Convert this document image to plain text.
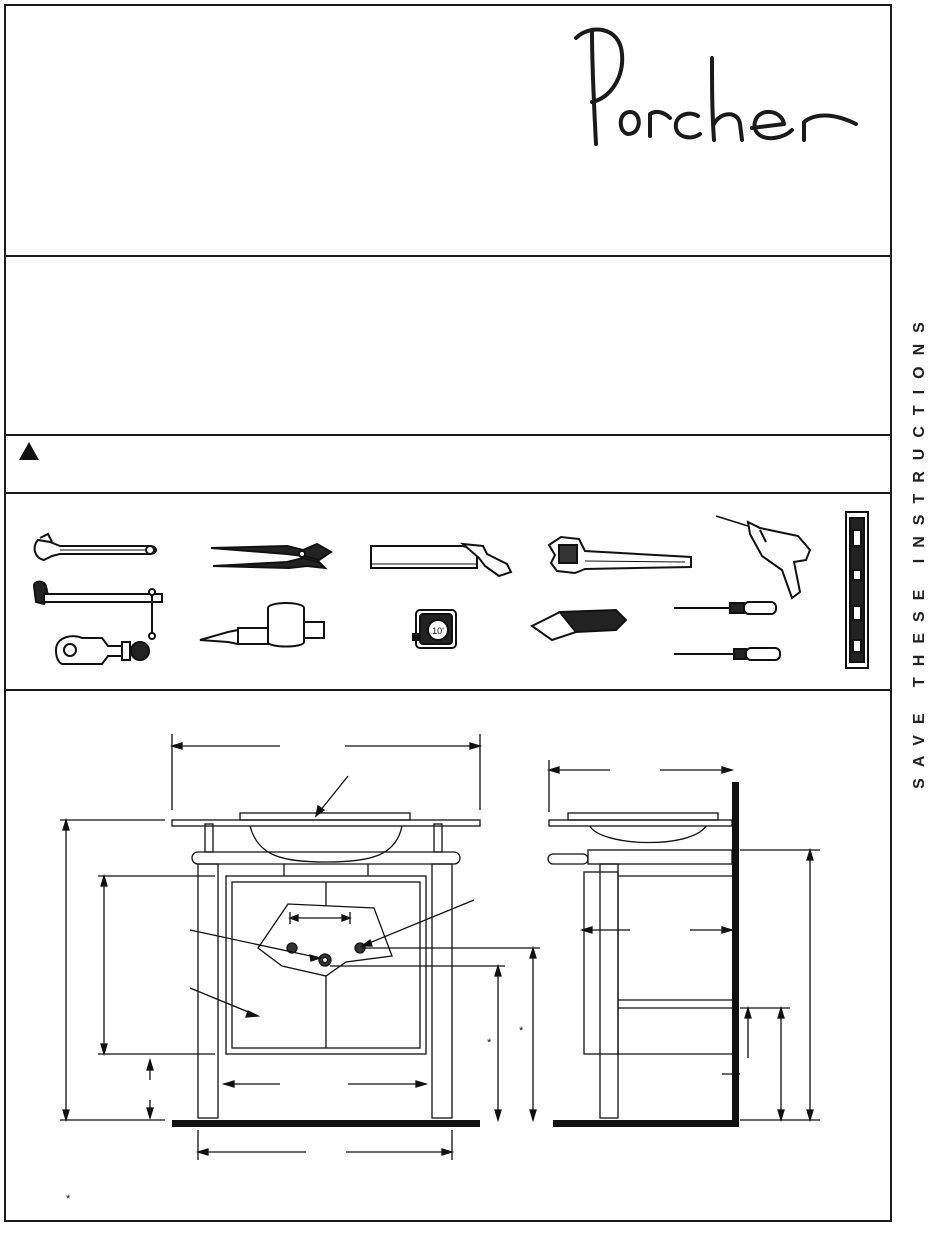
SAVE THESE INSTRUCTIONS
10'
*
*
*
